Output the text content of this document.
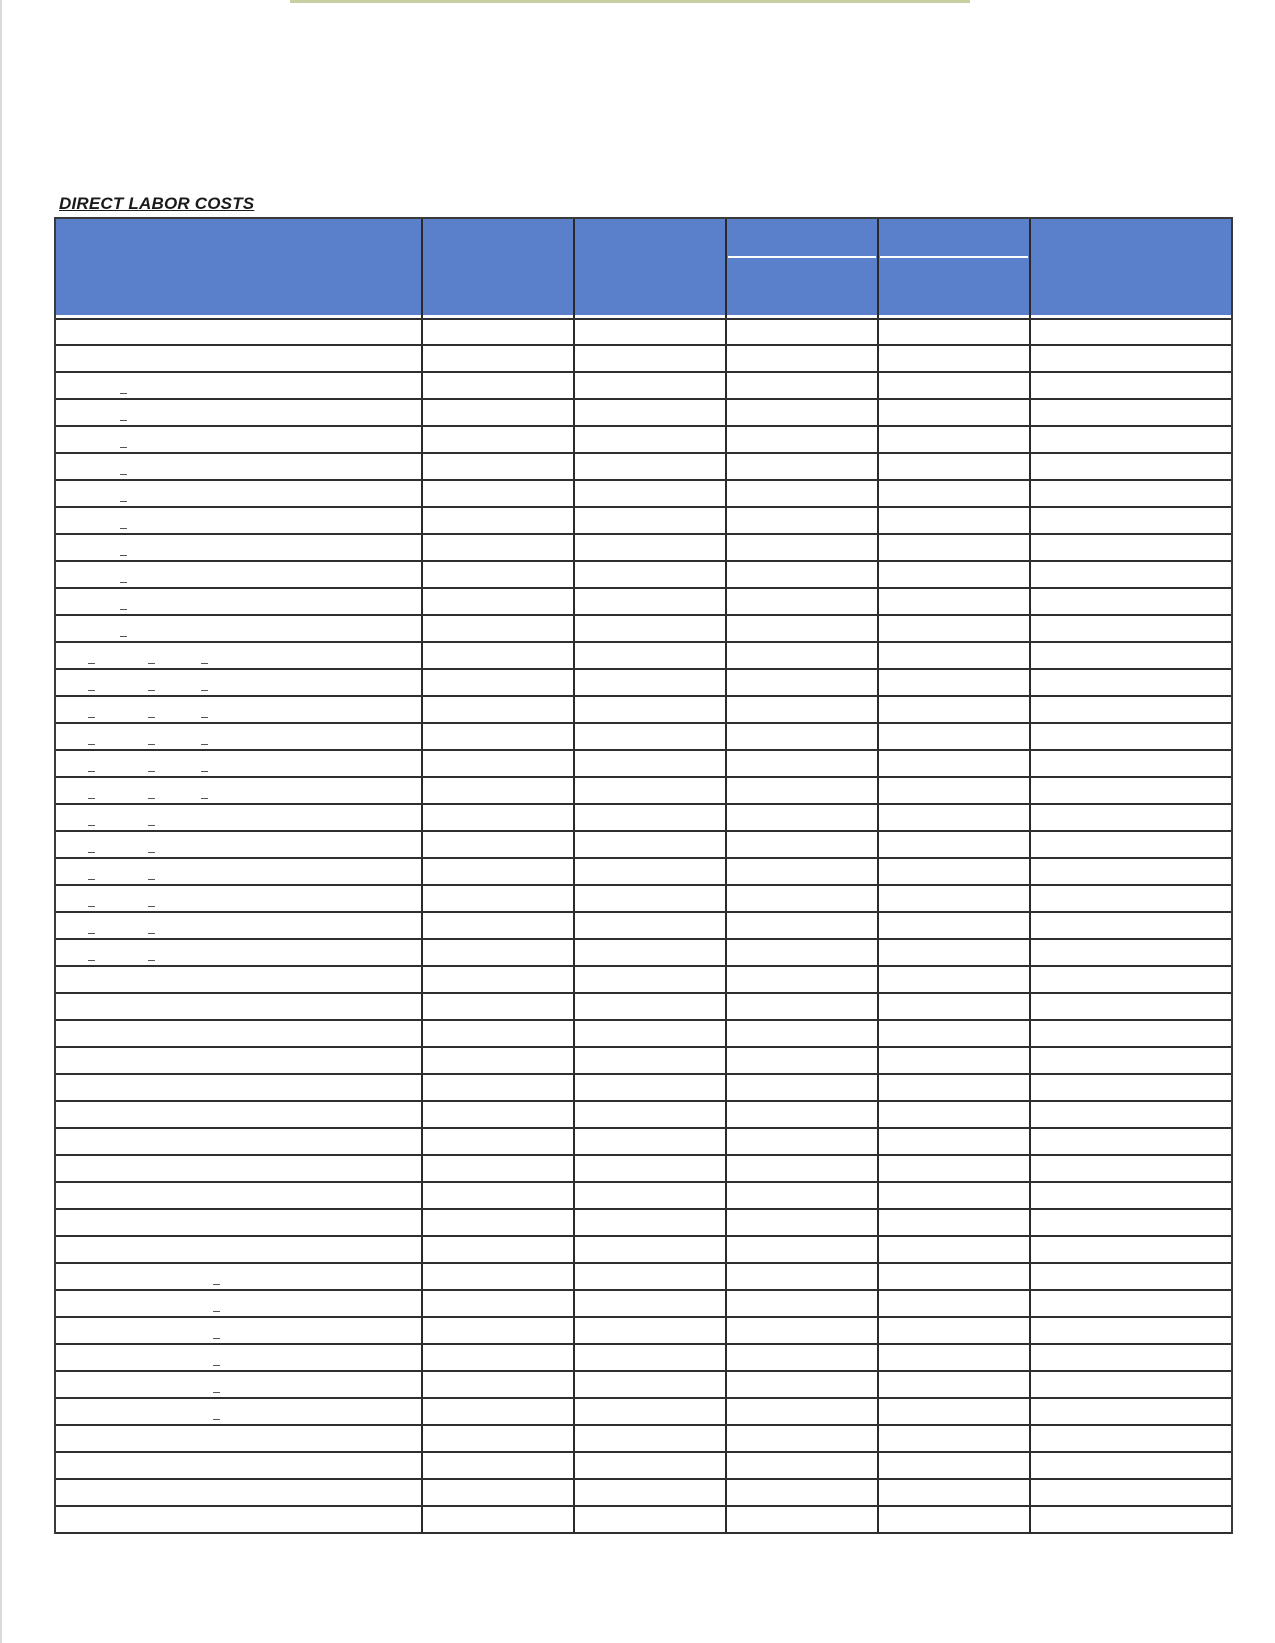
DIRECT LABOR COSTS
